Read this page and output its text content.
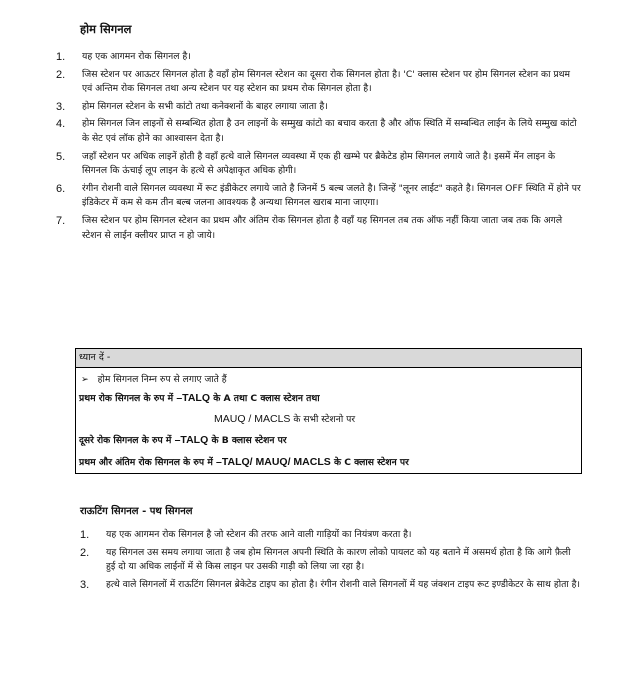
होम सिगनल
1.	यह एक आगमन रोक सिगनल है।
2.	जिस स्टेशन पर आऊटर सिगनल होता है वहाँ होम सिगनल स्टेशन का दूसरा रोक सिगनल होता है। 'C' क्लास स्टेशन पर होम सिगनल स्टेशन का प्रथम एवं अन्तिम रोक सिगनल तथा अन्य स्टेशन पर यह स्टेशन का प्रथम रोक सिगनल होता है।
3.	होम सिगनल स्टेशन के सभी कांटो तथा कनेक्शनों के बाहर लगाया जाता है।
4.	होम सिगनल जिन लाइनों से सम्बन्धित होता है उन लाइनों के सम्मुख कांटो का बचाव करता है और ऑफ स्थिति में सम्बन्धित लाईन के लिये सम्मुख कांटो के सेट एवं लॉक होने का आश्वासन देता है।
5.	जहाँ स्टेशन पर अधिक लाइनें होती है वहाँ हत्थे वाले सिगनल व्यवस्था में एक ही खम्भे पर ब्रैकेटेड होम सिगनल लगाये जाते है। इसमें मेंन लाइन के सिगनल कि ऊंचाई लूप लाइन के हत्थे से अपेक्षाकृत अधिक होगी।
6.	रंगीन रोशनी वाले सिगनल व्यवस्था में रूट इंडीकेटर लगाये जाते है जिनमें 5 बल्ब जलते है। जिन्हें "लूनर लाईट" कहते है। सिगनल OFF स्थिति में होने पर इंडिकेटर में कम से कम तीन बल्ब जलना आवश्यक है अन्यथा सिगनल खराब माना जाएगा।
7.	जिस स्टेशन पर होम सिगनल स्टेशन का प्रथम और अंतिम रोक सिगनल होता है वहाँ यह सिगनल तब तक ऑफ नहीं किया जाता जब तक कि अगले स्टेशन से लाईन क्लीयर प्राप्त न हो जाये।
ध्यान दें -
➢ होम सिगनल निम्न रुप से लगाए जाते हैं
प्रथम रोक सिगनल के रुप में –TALQ के A तथा C क्लास स्टेशन तथा
MAUQ / MACLS के सभी स्टेशनो पर
दूसरे रोक सिगनल के रुप में –TALQ के B क्लास स्टेशन पर
प्रथम और अंतिम रोक सिगनल के रुप में –TALQ/ MAUQ/ MACLS के C क्लास स्टेशन पर
राऊटिंग सिगनल - पथ सिगनल
1.	यह एक आगमन रोक सिगनल है जो स्टेशन की तरफ आने वाली गाड़ियों का नियंत्रण करता है।
2.	यह सिगनल उस समय लगाया जाता है जब होम सिगनल अपनी स्थिति के कारण लोको पायलट को यह बताने में असमर्थ होता है कि आगे फ़ैली हुई दो या अधिक लाईनों में से किस लाइन पर उसकी गाड़ी को लिया जा रहा है।
3.	हत्थे वाले सिगनलों में राऊटिंग सिगनल ब्रेकेटेड टाइप का होता है। रंगीन रोशनी वाले सिगनलों में यह जंक्शन टाइप रूट इण्डीकेटर के साथ होता है।
